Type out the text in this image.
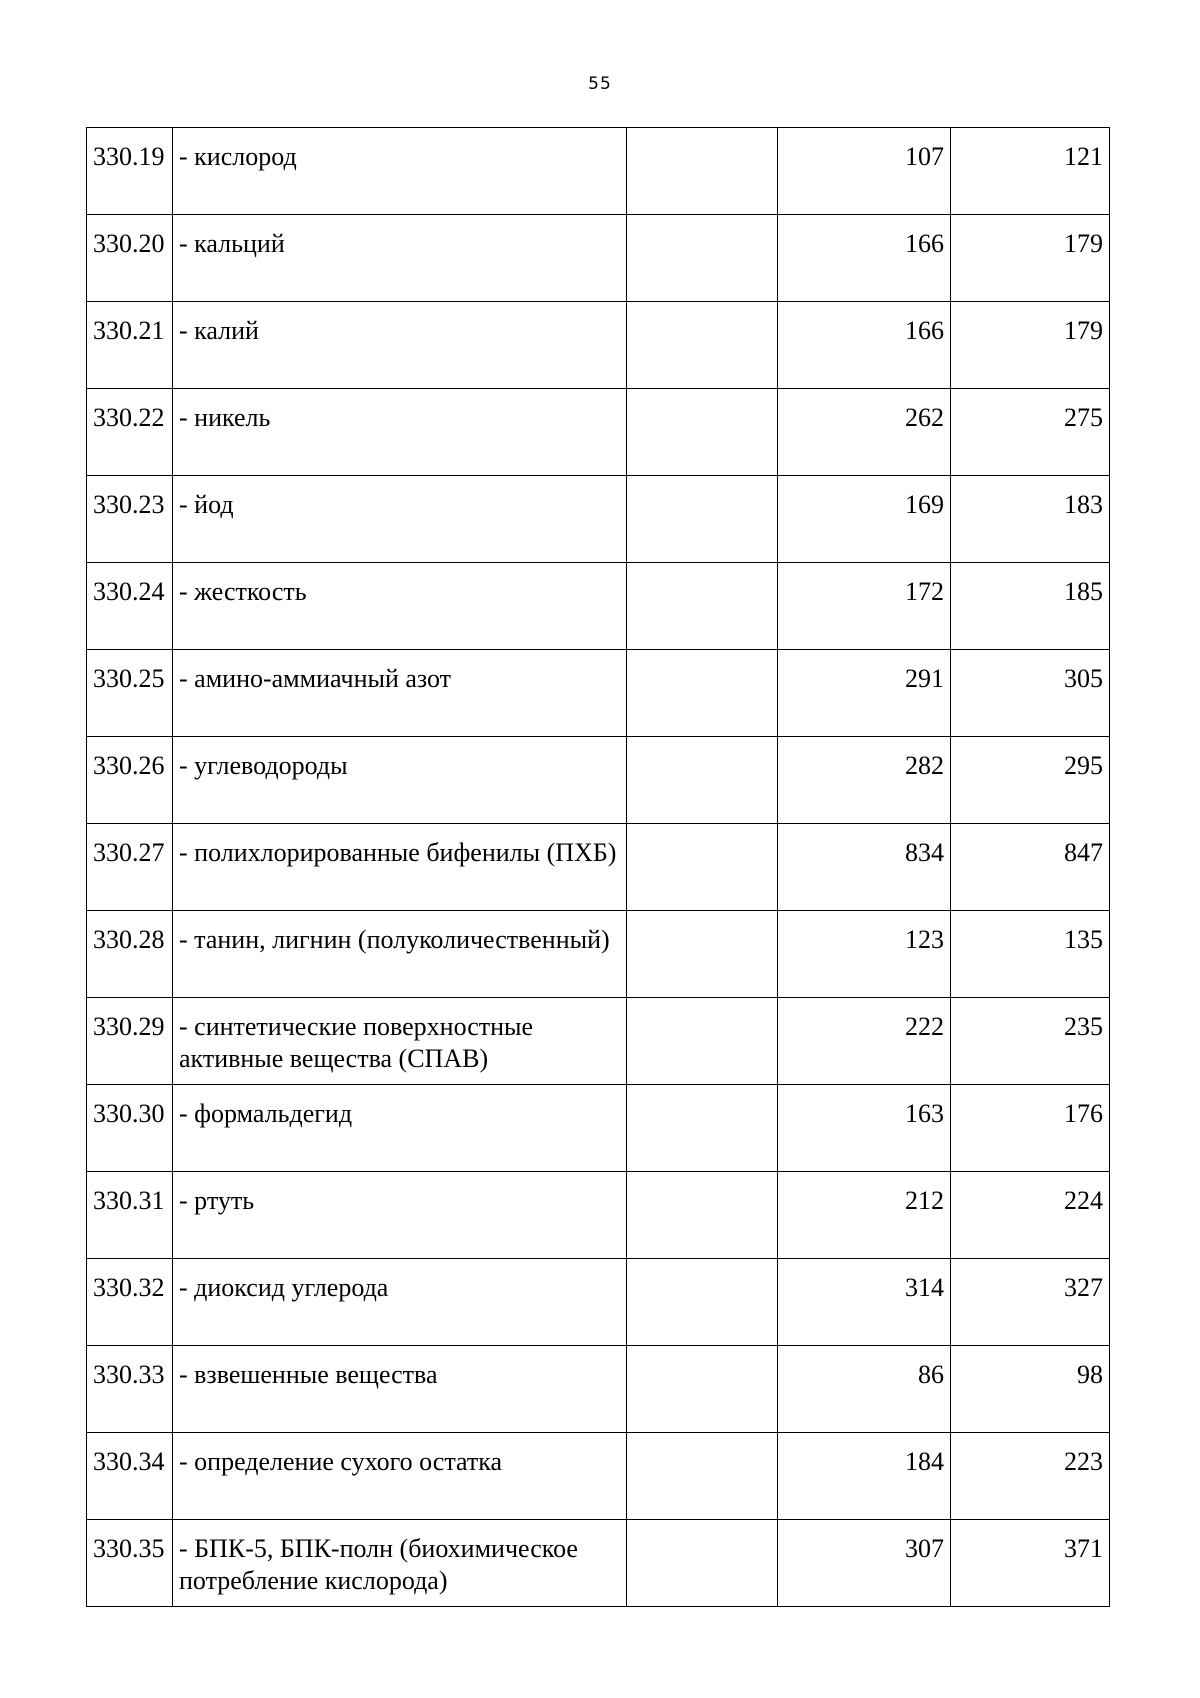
55
330.19	- кислород		107	121
330.20	- кальций		166	179
330.21	- калий		166	179
330.22	- никель		262	275
330.23	- йод		169	183
330.24	- жесткость		172	185
330.25	- амино-аммиачный азот		291	305
330.26	- углеводороды		282	295
330.27	- полихлорированные бифенилы (ПХБ)		834	847
330.28	- танин, лигнин (полуколичественный)		123	135
330.29	- синтетические поверхностные активные вещества (СПАВ)		222	235
330.30	- формальдегид		163	176
330.31	- ртуть		212	224
330.32	- диоксид углерода		314	327
330.33	- взвешенные вещества		86	98
330.34	- определение сухого остатка		184	223
330.35	- БПК-5, БПК-полн (биохимическое потребление кислорода)		307	371
